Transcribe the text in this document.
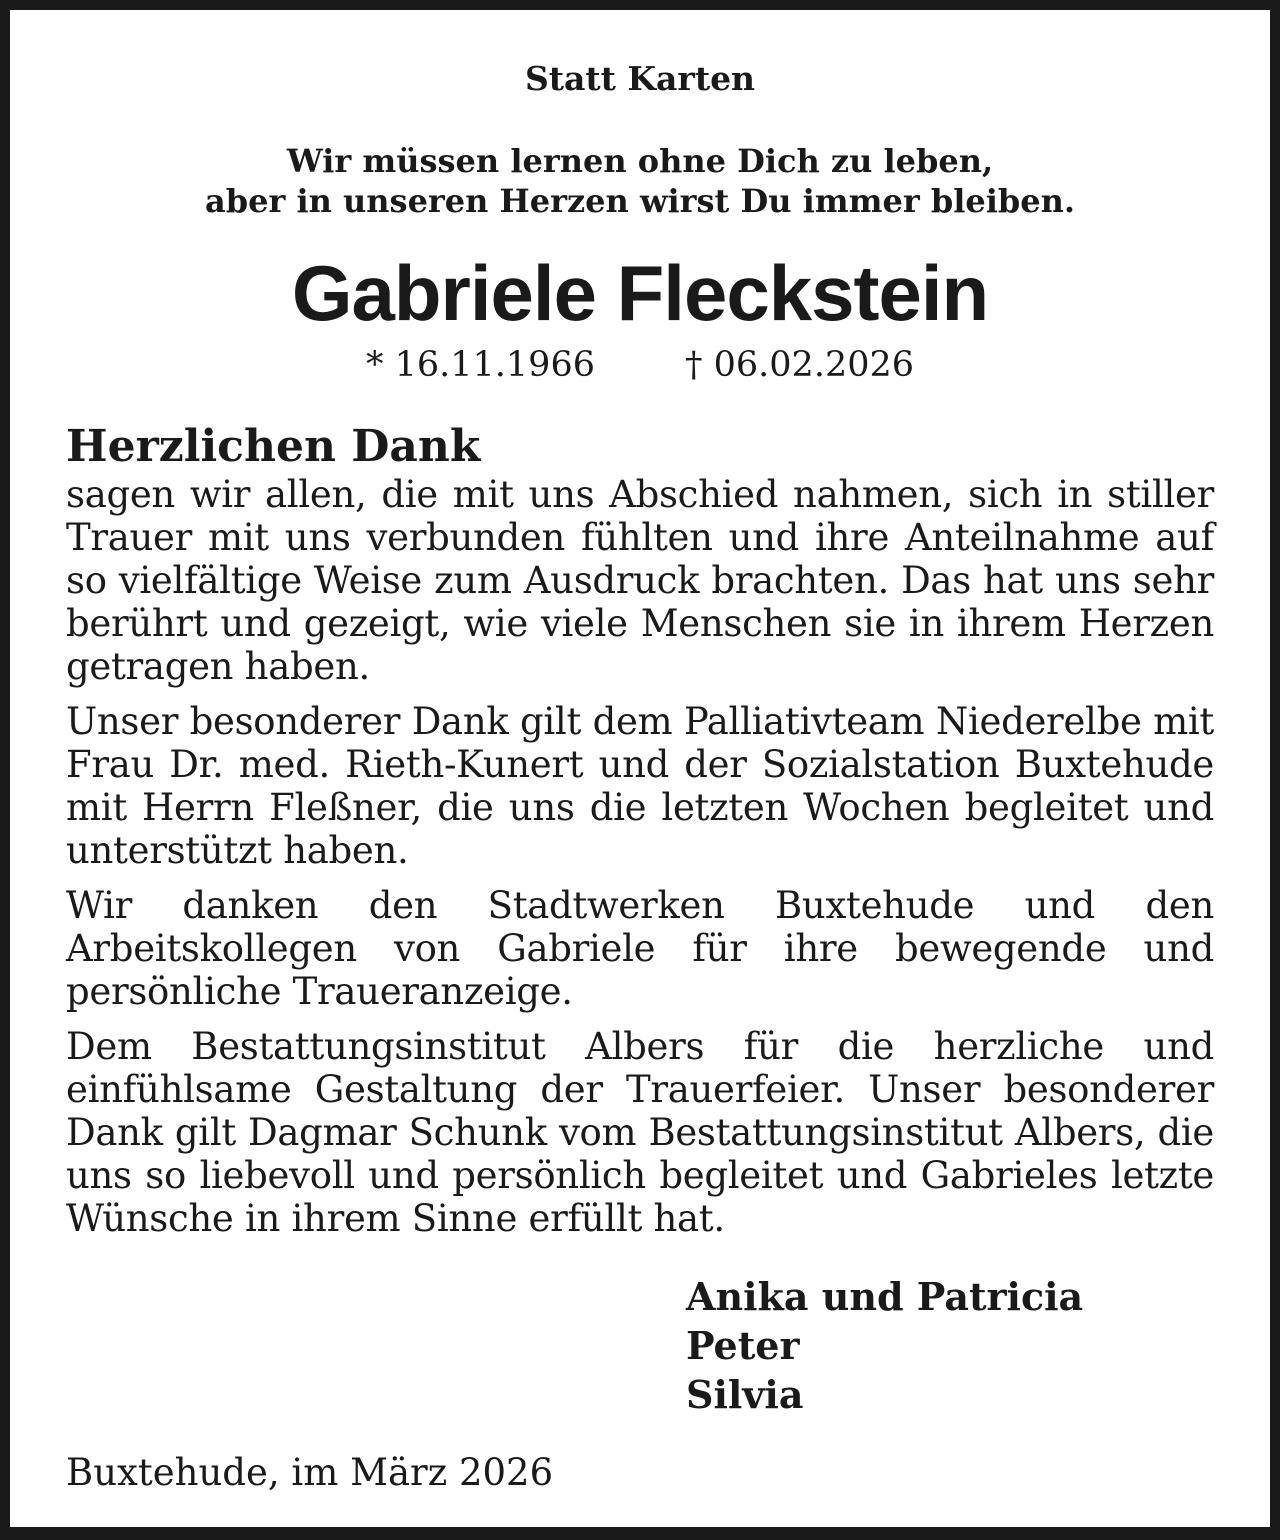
Statt Karten
Wir müssen lernen ohne Dich zu leben,
aber in unseren Herzen wirst Du immer bleiben.
Gabriele Fleckstein
* 16.11.1966	† 06.02.2026

Herzlichen Dank

sagen wir allen, die mit uns Abschied nahmen, sich in stiller Trauer mit uns verbunden fühlten und ihre Anteilnahme auf so vielfältige Weise zum Ausdruck brachten. Das hat uns sehr berührt und gezeigt, wie viele Menschen sie in ihrem Herzen getragen haben.

Unser besonderer Dank gilt dem Palliativteam Niederelbe mit Frau Dr. med. Rieth-Kunert und der Sozialstation Buxtehude mit Herrn Fleßner, die uns die letzten Wochen begleitet und unterstützt haben.

Wir danken den Stadtwerken Buxtehude und den Arbeitskollegen von Gabriele für ihre bewegende und persönliche Traueranzeige.

Dem Bestattungsinstitut Albers für die herzliche und einfühlsame Gestaltung der Trauerfeier. Unser besonderer Dank gilt Dagmar Schunk vom Bestattungsinstitut Albers, die uns so liebevoll und persönlich begleitet und Gabrieles letzte Wünsche in ihrem Sinne erfüllt hat.

Anika und Patricia
Peter
Silvia
Buxtehude, im März 2026
